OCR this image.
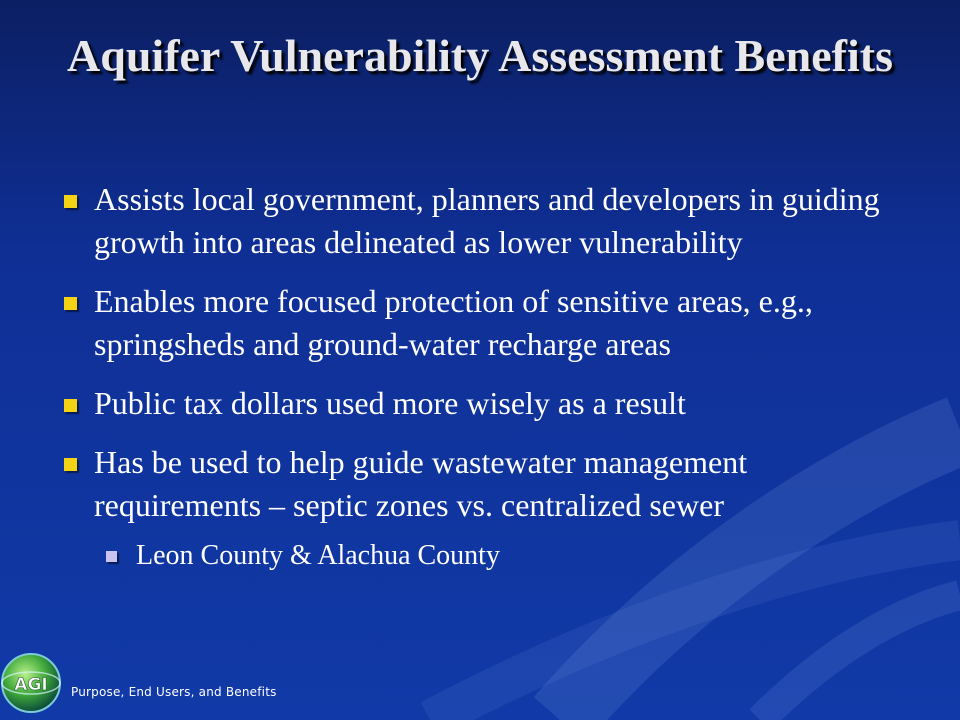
Aquifer Vulnerability Assessment Benefits
Assists local government, planners and developers in guiding growth into areas delineated as lower vulnerability
Enables more focused protection of sensitive areas, e.g., springsheds and ground-water recharge areas
Public tax dollars used more wisely as a result
Has be used to help guide wastewater management requirements – septic zones vs. centralized sewer
Leon County & Alachua County
AGI Purpose, End Users, and Benefits
